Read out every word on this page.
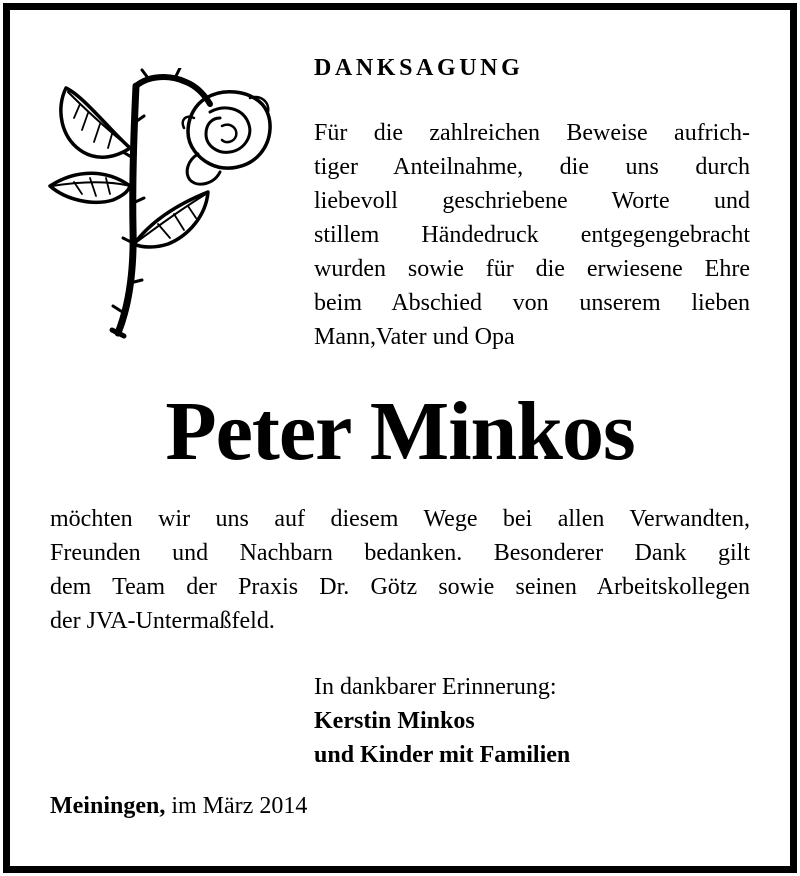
DANKSAGUNG
Für die zahlreichen Beweise aufrich-
tiger Anteilnahme, die uns durch
liebevoll geschriebene Worte und
stillem Händedruck entgegengebracht
wurden sowie für die erwiesene Ehre
beim Abschied von unserem lieben
Mann,Vater und Opa
Peter Minkos
möchten wir uns auf diesem Wege bei allen Verwandten,
Freunden und Nachbarn bedanken. Besonderer Dank gilt
dem Team der Praxis Dr. Götz sowie seinen Arbeitskollegen
der JVA-Untermaßfeld.
In dankbarer Erinnerung:
Kerstin Minkos
und Kinder mit Familien
Meiningen, im März 2014
